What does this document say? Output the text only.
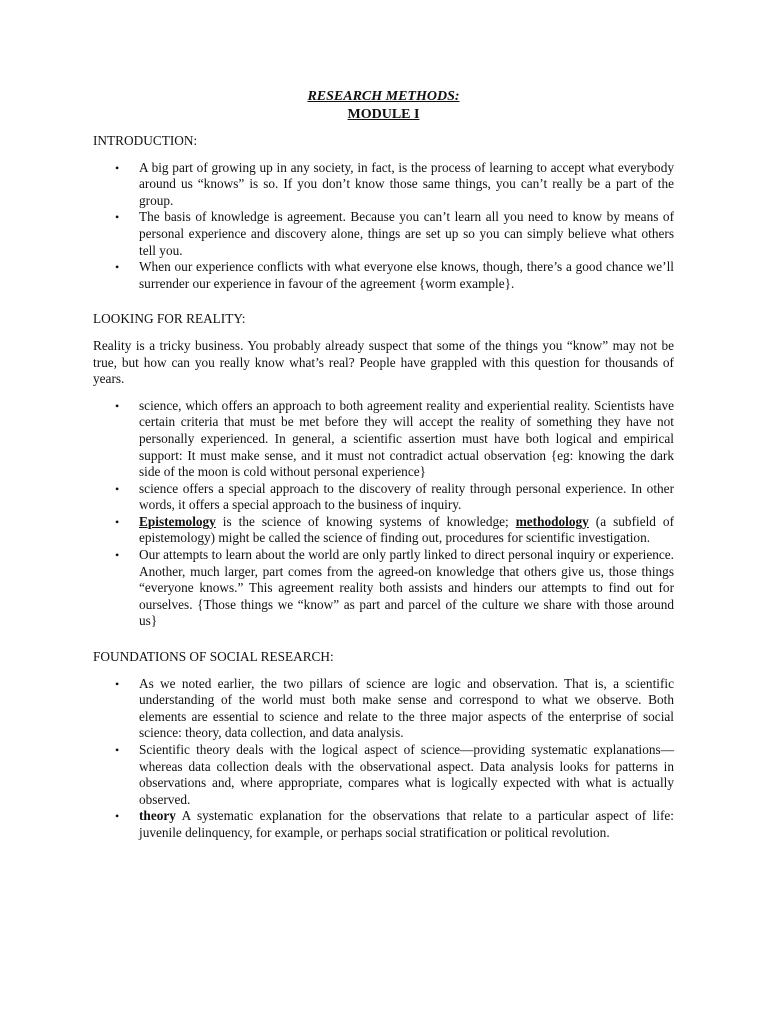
RESEARCH METHODS:

MODULE I

INTRODUCTION:

• A big part of growing up in any society, in fact, is the process of learning to accept what everybody around us “knows” is so. If you don’t know those same things, you can’t really be a part of the group.
• The basis of knowledge is agreement. Because you can’t learn all you need to know by means of personal experience and discovery alone, things are set up so you can simply believe what others tell you.
• When our experience conflicts with what everyone else knows, though, there’s a good chance we’ll surrender our experience in favour of the agreement {worm example}.

LOOKING FOR REALITY:

Reality is a tricky business. You probably already suspect that some of the things you “know” may not be true, but how can you really know what’s real? People have grappled with this question for thousands of years.

• science, which offers an approach to both agreement reality and experiential reality. Scientists have certain criteria that must be met before they will accept the reality of something they have not personally experienced. In general, a scientific assertion must have both logical and empirical support: It must make sense, and it must not contradict actual observation {eg: knowing the dark side of the moon is cold without personal experience}
• science offers a special approach to the discovery of reality through personal experience. In other words, it offers a special approach to the business of inquiry.
• Epistemology is the science of knowing systems of knowledge; methodology (a subfield of epistemology) might be called the science of finding out, procedures for scientific investigation.
• Our attempts to learn about the world are only partly linked to direct personal inquiry or experience. Another, much larger, part comes from the agreed-on knowledge that others give us, those things “everyone knows.” This agreement reality both assists and hinders our attempts to find out for ourselves. {Those things we “know” as part and parcel of the culture we share with those around us}

FOUNDATIONS OF SOCIAL RESEARCH:

• As we noted earlier, the two pillars of science are logic and observation. That is, a scientific understanding of the world must both make sense and correspond to what we observe. Both elements are essential to science and relate to the three major aspects of the enterprise of social science: theory, data collection, and data analysis.
• Scientific theory deals with the logical aspect of science—providing systematic explanations—whereas data collection deals with the observational aspect. Data analysis looks for patterns in observations and, where appropriate, compares what is logically expected with what is actually observed.
• theory A systematic explanation for the observations that relate to a particular aspect of life: juvenile delinquency, for example, or perhaps social stratification or political revolution.
